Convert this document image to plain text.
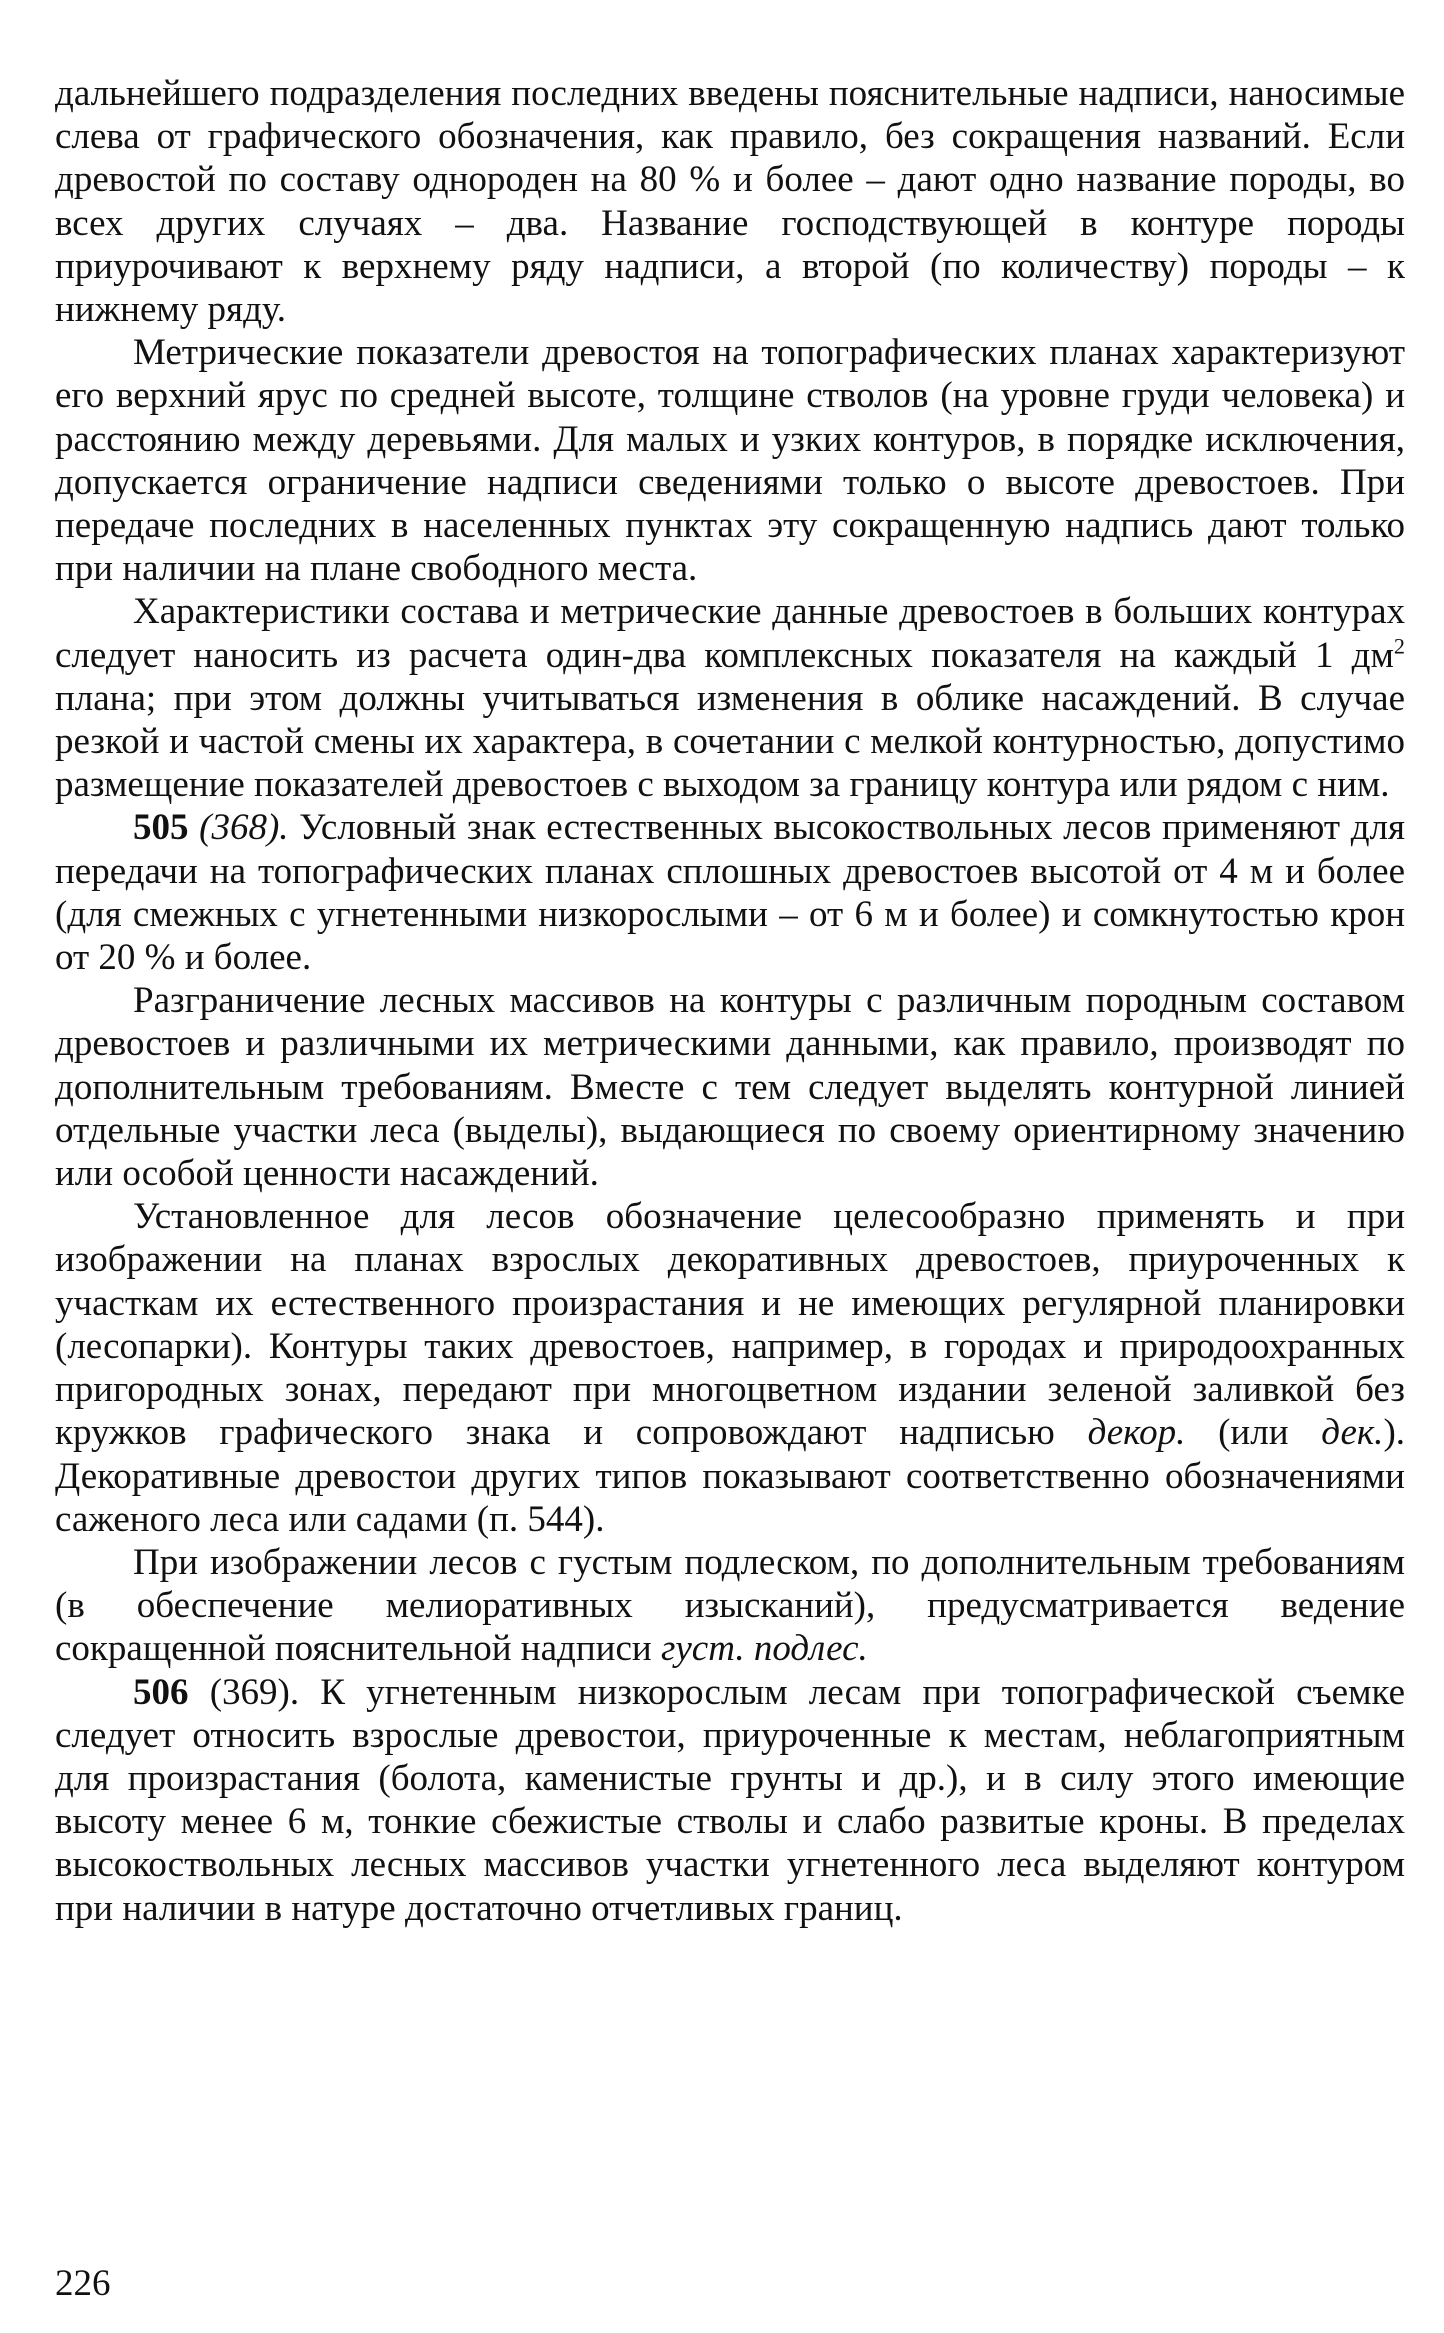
дальнейшего подразделения последних введены пояснительные надписи, наносимые слева от графического обозначения, как правило, без сокращения названий. Если древостой по составу однороден на 80 % и более – дают одно название породы, во всех других случаях – два. Название господствующей в контуре породы приурочивают к верхнему ряду надписи, а второй (по количеству) породы – к нижнему ряду.

Метрические показатели древостоя на топографических планах характеризуют его верхний ярус по средней высоте, толщине стволов (на уровне груди человека) и расстоянию между деревьями. Для малых и узких контуров, в порядке исключения, допускается ограничение надписи сведениями только о высоте древостоев. При передаче последних в населенных пунктах эту сокращенную надпись дают только при наличии на плане свободного места.

Характеристики состава и метрические данные древостоев в больших контурах следует наносить из расчета один-два комплексных показателя на каждый 1 $дм^2$ плана; при этом должны учитываться изменения в облике насаждений. В случае резкой и частой смены их характера, в сочетании с мелкой контурностью, допустимо размещение показателей древостоев с выходом за границу контура или рядом с ним.

505 (368). Условный знак естественных высокоствольных лесов применяют для передачи на топографических планах сплошных древостоев высотой от 4 м и более (для смежных с угнетенными низкорослыми – от 6 м и более) и сомкнутостью крон от 20 % и более.

Разграничение лесных массивов на контуры с различным породным составом древостоев и различными их метрическими данными, как правило, производят по дополнительным требованиям. Вместе с тем следует выделять контурной линией отдельные участки леса (выделы), выдающиеся по своему ориентирному значению или особой ценности насаждений.

Установленное для лесов обозначение целесообразно применять и при изображении на планах взрослых декоративных древостоев, приуроченных к участкам их естественного произрастания и не имеющих регулярной планировки (лесопарки). Контуры таких древостоев, например, в городах и природоохранных пригородных зонах, передают при многоцветном издании зеленой заливкой без кружков графического знака и сопровождают надписью декор. (или дек.). Декоративные древостои других типов показывают соответственно обозначениями саженого леса или садами (п. 544).

При изображении лесов с густым подлеском, по дополнительным требованиям (в обеспечение мелиоративных изысканий), предусматривается ведение сокращенной пояснительной надписи густ. подлес.

506 (369). К угнетенным низкорослым лесам при топографической съемке следует относить взрослые древостои, приуроченные к местам, неблагоприятным для произрастания (болота, каменистые грунты и др.), и в силу этого имеющие высоту менее 6 м, тонкие сбежистые стволы и слабо развитые кроны. В пределах высокоствольных лесных массивов участки угнетенного леса выделяют контуром при наличии в натуре достаточно отчетливых границ.

226
